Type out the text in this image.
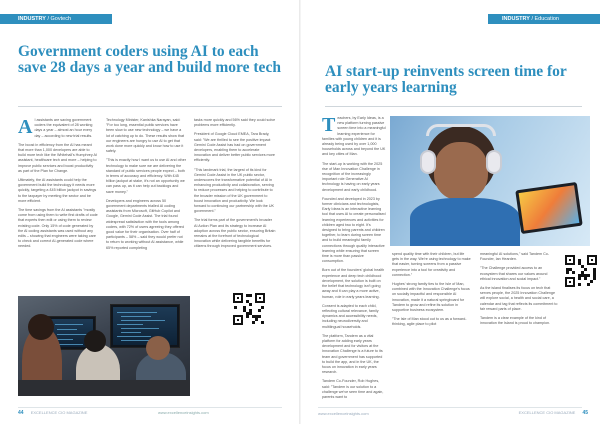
INDUSTRY / Govtech
Government coders using AI to each save 28 days a year and build more tech
A I assistants are saving government coders the equivalent of 28 working days a year – almost an hour every day – according to new trial results.

The boost in efficiency from the AI has meant that more than 1,000 developers are able to build more tech like the Whitehall's Humphrey AI assistant, healthcare tech and more – helping to improve public services and boost productivity as part of the Plan for Change.

Ultimately, the AI assistants could help the government build the technology it needs more quickly, targeting a £45 billion jackpot in savings to the taxpayer by meeting the sector and be more efficient.

The time savings from the AI assistants "mostly come from using them to write first drafts of code that experts then edit or using them to review existing code. Only 15% of code generated by the AI coding assistants was used without any edits – showing that engineers were taking care to check and correct AI-generated code where needed.

Technology Minister, Kanishka Narayan, said: "For too long, essential public services have been slow to use new technology – we have a lot of catching up to do. These results show that our engineers are hungry to use AI to get that work done more quickly and know how to use it safely.

"This is exactly how I want us to use AI and other technology to make sure we are delivering the standard of public services people expect – both in terms of accuracy and efficiency. With £45 billion jackpot at stake, it's not an opportunity we can pass up, as it can help cut backlogs and save money."

Developers and engineers across 50 government departments trialled AI coding assistants from Microsoft, GitHub Copilot and Google, Gemini Code Assist. The trial found widespread satisfaction with the tools among coders, with 72% of users agreeing they offered good value for their organisation. Over half of participants – 58% – said they would prefer not to return to working without AI assistance, while 65% reported completing

tasks more quickly and 56% said they could solve problems more efficiently.

President of Google Cloud EMEA, Tara Brady, said: "We are thrilled to see the positive impact Gemini Code Assist has had on government developers, enabling them to accelerate innovation and deliver better public services more efficiently.

"This landmark trial, the largest of its kind for Gemini Code Assist in the UK public sector, underscores the transformative potential of AI in enhancing productivity and collaboration, serving to reduce processes and helping to contribute to the broader mission of the UK government to boost innovation and productivity. We look forward to continuing our partnership with the UK government."

The trial forms part of the government's broader AI Action Plan and its strategy to increase AI adoption across the public sector, ensuring Britain remains at the forefront of technological innovation while delivering tangible benefits for citizens through improved government services.

44 EXCELLENCE CIO MAGAZINE	www.excellenceinsights.com
INDUSTRY / Education
AI start-up reinvents screen time for early years learning
T eachers, by Early Ideas, is a new platform turning passive screen time into a meaningful learning experience for families with young children and it is already being used by over 1,000 households across and beyond the UK and key cities of Man.

The start-up is working with the 2025 rise of Man Innovation Challenge in recognition of the increasingly important role Generative AI technology is having on early years development and early childhood.

Founded and developed in 2023 by former clinicians and technologists, Early Ideas is an interactive learning tool that uses AI to create personalised learning experiences and activities for children aged two to eight. It's designed to bring parents and children together, to learn during screen time and to build meaningful family connections through quality interactive learning while ensuring that screen time is more than passive consumption.

Born out of the founders' global health experience and deep tech childhood development, the solution is built on the belief that technology isn't going away and it can play a more active, human, role in early years learning.

Consent is adapted to each child, reflecting cultural relevance, family dynamics and accessibility needs, including neurodiversity and multilingual households.

The platform, Tandem as a vital platform for adding early years development and for visitors at the Innovation Challenge is a future to its team and government has supported to build the app, and in the UK, the focus on innovation in early years research.

Tandem Co-Founder, Rob Hughes, said: "Tandem is our solution to a challenge we've seen time and again, parents want to

spend quality time with their children, but life gets in the way. We're using technology to make that easier, turning screens from a passive experience into a tool for creativity and connection."

Hughes' strong family ties to the Isle of Man, combined with the Innovation Challenge's focus on socially impactful and responsible AI innovation, made it a natural springboard for Tandem to grow and refine its solution in supportive business ecosystem.

"The Isle of Man stood out to us as a forward-thinking, agile place to pilot

meaningful AI solutions," said Tandem Co-Founder, Ian Hearden.

"The Challenge provided access to an ecosystem that shares our values around ethical innovation and social impact."

As the island finalises its focus on tech that serves people, the 2025 Innovation Challenge will explore social, a health and social care, a calendar and tag that reflects its commitment to fair reward parts of place.

Tandem is a clear example of the kind of innovation the Island is proud to champion.

www.excellenceinsights.com	EXCELLENCE CIO MAGAZINE 45
